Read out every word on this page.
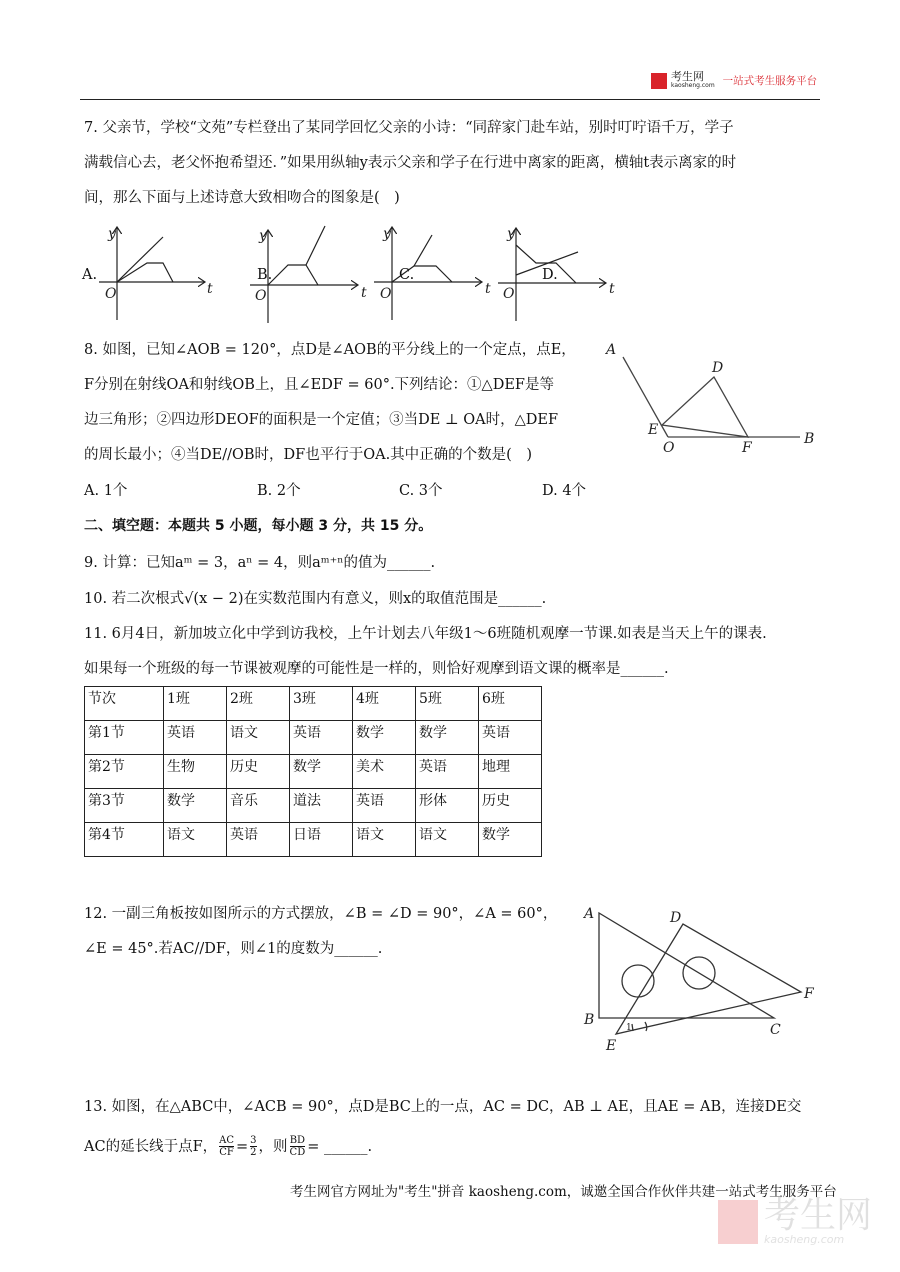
考生网
kaosheng.com 一站式考生服务平台
7. 父亲节，学校“文苑”专栏登出了某同学回忆父亲的小诗：“同辞家门赴车站，别时叮咛语千万，学子
满载信心去，老父怀抱希望还．”如果用纵轴y表示父亲和学子在行进中离家的距离，横轴t表示离家的时
间，那么下面与上述诗意大致相吻合的图象是(　)
A.	B.	C.	D.
y
t
O
y
t
O
y
t
O
y
t
O
8. 如图，已知∠AOB = 120°，点D是∠AOB的平分线上的一个定点，点E，
F分别在射线OA和射线OB上，且∠EDF = 60°.下列结论：①△DEF是等
边三角形；②四边形DEOF的面积是一个定值；③当DE ⊥ OA时，△DEF
的周长最小；④当DE//OB时，DF也平行于OA.其中正确的个数是(　)
A. 1个	B. 2个	C. 3个	D. 4个
A
D
E
O	F
B
二、填空题：本题共 5 小题，每小题 3 分，共 15 分。
9. 计算：已知aᵐ = 3，aⁿ = 4，则aᵐ⁺ⁿ的值为______.
10. 若二次根式√(x − 2)在实数范围内有意义，则x的取值范围是______.
11. 6月4日，新加坡立化中学到访我校，上午计划去八年级1～6班随机观摩一节课.如表是当天上午的课表.
如果每一个班级的每一节课被观摩的可能性是一样的，则恰好观摩到语文课的概率是______.
节次	1班	2班	3班	4班	5班	6班
第1节	英语	语文	英语	数学	数学	英语
第2节	生物	历史	数学	美术	英语	地理
第3节	数学	音乐	道法	英语	形体	历史
第4节	语文	英语	日语	语文	语文	数学
12. 一副三角板按如图所示的方式摆放，∠B = ∠D = 90°，∠A = 60°，
∠E = 45°.若AC//DF，则∠1的度数为______.
A	D
B
C
E
F
1
13. 如图，在△ABC中，∠ACB = 90°，点D是BC上的一点，AC = DC，AB ⊥ AE，且AE = AB，连接DE交
AC的延长线于点F， $\frac{AC}{CF} = \frac{3}{2}$ ，则 $\frac{BD}{CD}$ = ______.
考生网官方网址为"考生"拼音 kaosheng.com，诚邀全国合作伙伴共建一站式考生服务平台
考生网
kaosheng.com
